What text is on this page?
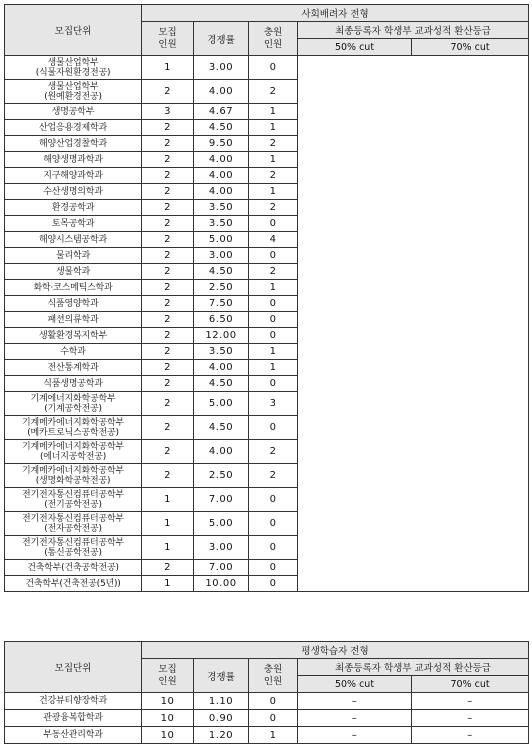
모집단위	사회배려자 전형				
	모집
인원	경쟁률	충원
인원	최종등록자 학생부 교과성적 환산등급	
				50% cut	70% cut
생물산업학부
(식물자원환경전공)	1	3.00	0		
생물산업학부
(원예환경전공)	2	4.00	2		
생명공학부	3	4.67	1		
산업응용경제학과	2	4.50	1		
해양산업경찰학과	2	9.50	2		
해양생명과학과	2	4.00	1		
지구해양과학과	2	4.00	2		
수산생명의학과	2	4.00	1		
환경공학과	2	3.50	2		
토목공학과	2	3.50	0		
해양시스템공학과	2	5.00	4		
물리학과	2	3.00	0		
생물학과	2	4.50	2		
화학·코스메틱스학과	2	2.50	1		
식품영양학과	2	7.50	0		
패션의류학과	2	6.50	0		
생활환경복지학부	2	12.00	0		
수학과	2	3.50	1		
전산통계학과	2	4.00	1		
식품생명공학과	2	4.50	0		
기계에너지화학공학부
(기계공학전공)	2	5.00	3		
기계메카에너지화학공학부
(메카트로닉스공학전공)	2	4.50	0		
기계메카에너지화학공학부
(에너지공학전공)	2	4.00	2		
기계메카에너지화학공학부
(생명화학공학전공)	2	2.50	2		
전기전자통신컴퓨터공학부
(전기공학전공)	1	7.00	0		
전기전자통신컴퓨터공학부
(전자공학전공)	1	5.00	0		
전기전자통신컴퓨터공학부
(통신공학전공)	1	3.00	0		
건축학부(건축공학전공)	2	7.00	0		
건축학부(건축전공(5년))	1	10.00	0		
모집단위	평생학습자 전형				
	모집
인원	경쟁률	충원
인원	최종등록자 학생부 교과성적 환산등급	
				50% cut	70% cut
건강뷰티향장학과	10	1.10	0	–	–
관광융복합학과	10	0.90	0	–	–
부동산관리학과	10	1.20	1	–	–
